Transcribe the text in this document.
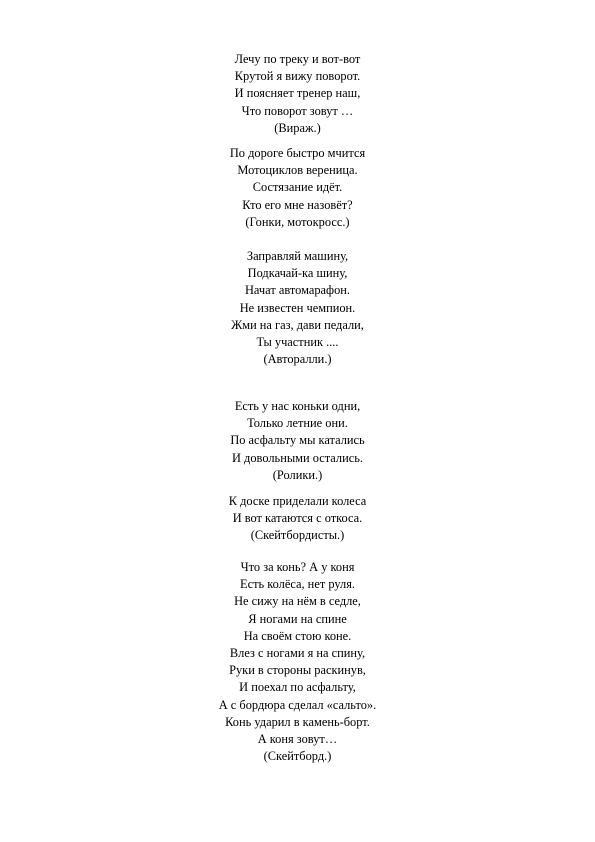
Лечу по треку и вот-вот
Крутой я вижу поворот.
И поясняет тренер наш,
Что поворот зовут …
(Вираж.)
По дороге быстро мчится
Мотоциклов вереница.
Состязание идёт.
Кто его мне назовёт?
(Гонки, мотокросс.)
Заправляй машину,
Подкачай-ка шину,
Начат автомарафон.
Не известен чемпион.
Жми на газ, дави педали,
Ты участник ....
(Автоpалли.)
Есть у нас коньки одни,
Только летние они.
По асфальту мы катались
И довольными остались.
(Ролики.)
К доске приделали колеса
И вот катаются с откоса.
(Скейтбордисты.)
Что за конь? А у коня
Есть колёса, нет руля.
Не сижу на нём в седле,
Я ногами на спине
На своём стою коне.
Влез с ногами я на спину,
Руки в стороны раскинув,
И поехал по асфальту,
А с бордюра сделал «сальто».
Конь ударил в камень-борт.
А коня зовут…
(Скейтборд.)
